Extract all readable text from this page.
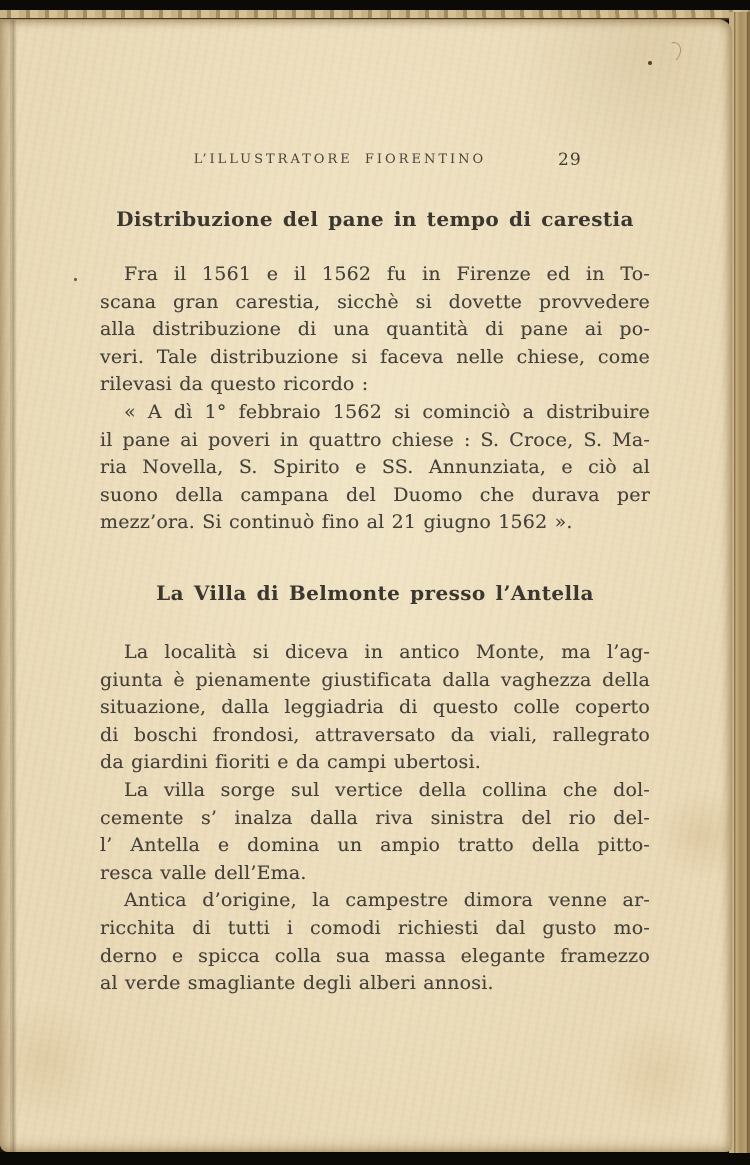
L’ILLUSTRATORE FIORENTINO	29
Distribuzione del pane in tempo di carestia
Fra il 1561 e il 1562 fu in Firenze ed in To-
scana gran carestia, sicchè si dovette provvedere
alla distribuzione di una quantità di pane ai po-
veri. Tale distribuzione si faceva nelle chiese, come
rilevasi da questo ricordo :
« A dì 1° febbraio 1562 si cominciò a distribuire
il pane ai poveri in quattro chiese : S. Croce, S. Ma-
ria Novella, S. Spirito e SS. Annunziata, e ciò al
suono della campana del Duomo che durava per
mezz’ora. Si continuò fino al 21 giugno 1562 ».
La Villa di Belmonte presso l’Antella
La località si diceva in antico Monte, ma l’ag-
giunta è pienamente giustificata dalla vaghezza della
situazione, dalla leggiadria di questo colle coperto
di boschi frondosi, attraversato da viali, rallegrato
da giardini fioriti e da campi ubertosi.
La villa sorge sul vertice della collina che dol-
cemente s’ inalza dalla riva sinistra del rio del-
l’ Antella e domina un ampio tratto della pitto-
resca valle dell’Ema.
Antica d’origine, la campestre dimora venne ar-
ricchita di tutti i comodi richiesti dal gusto mo-
derno e spicca colla sua massa elegante framezzo
al verde smagliante degli alberi annosi.
